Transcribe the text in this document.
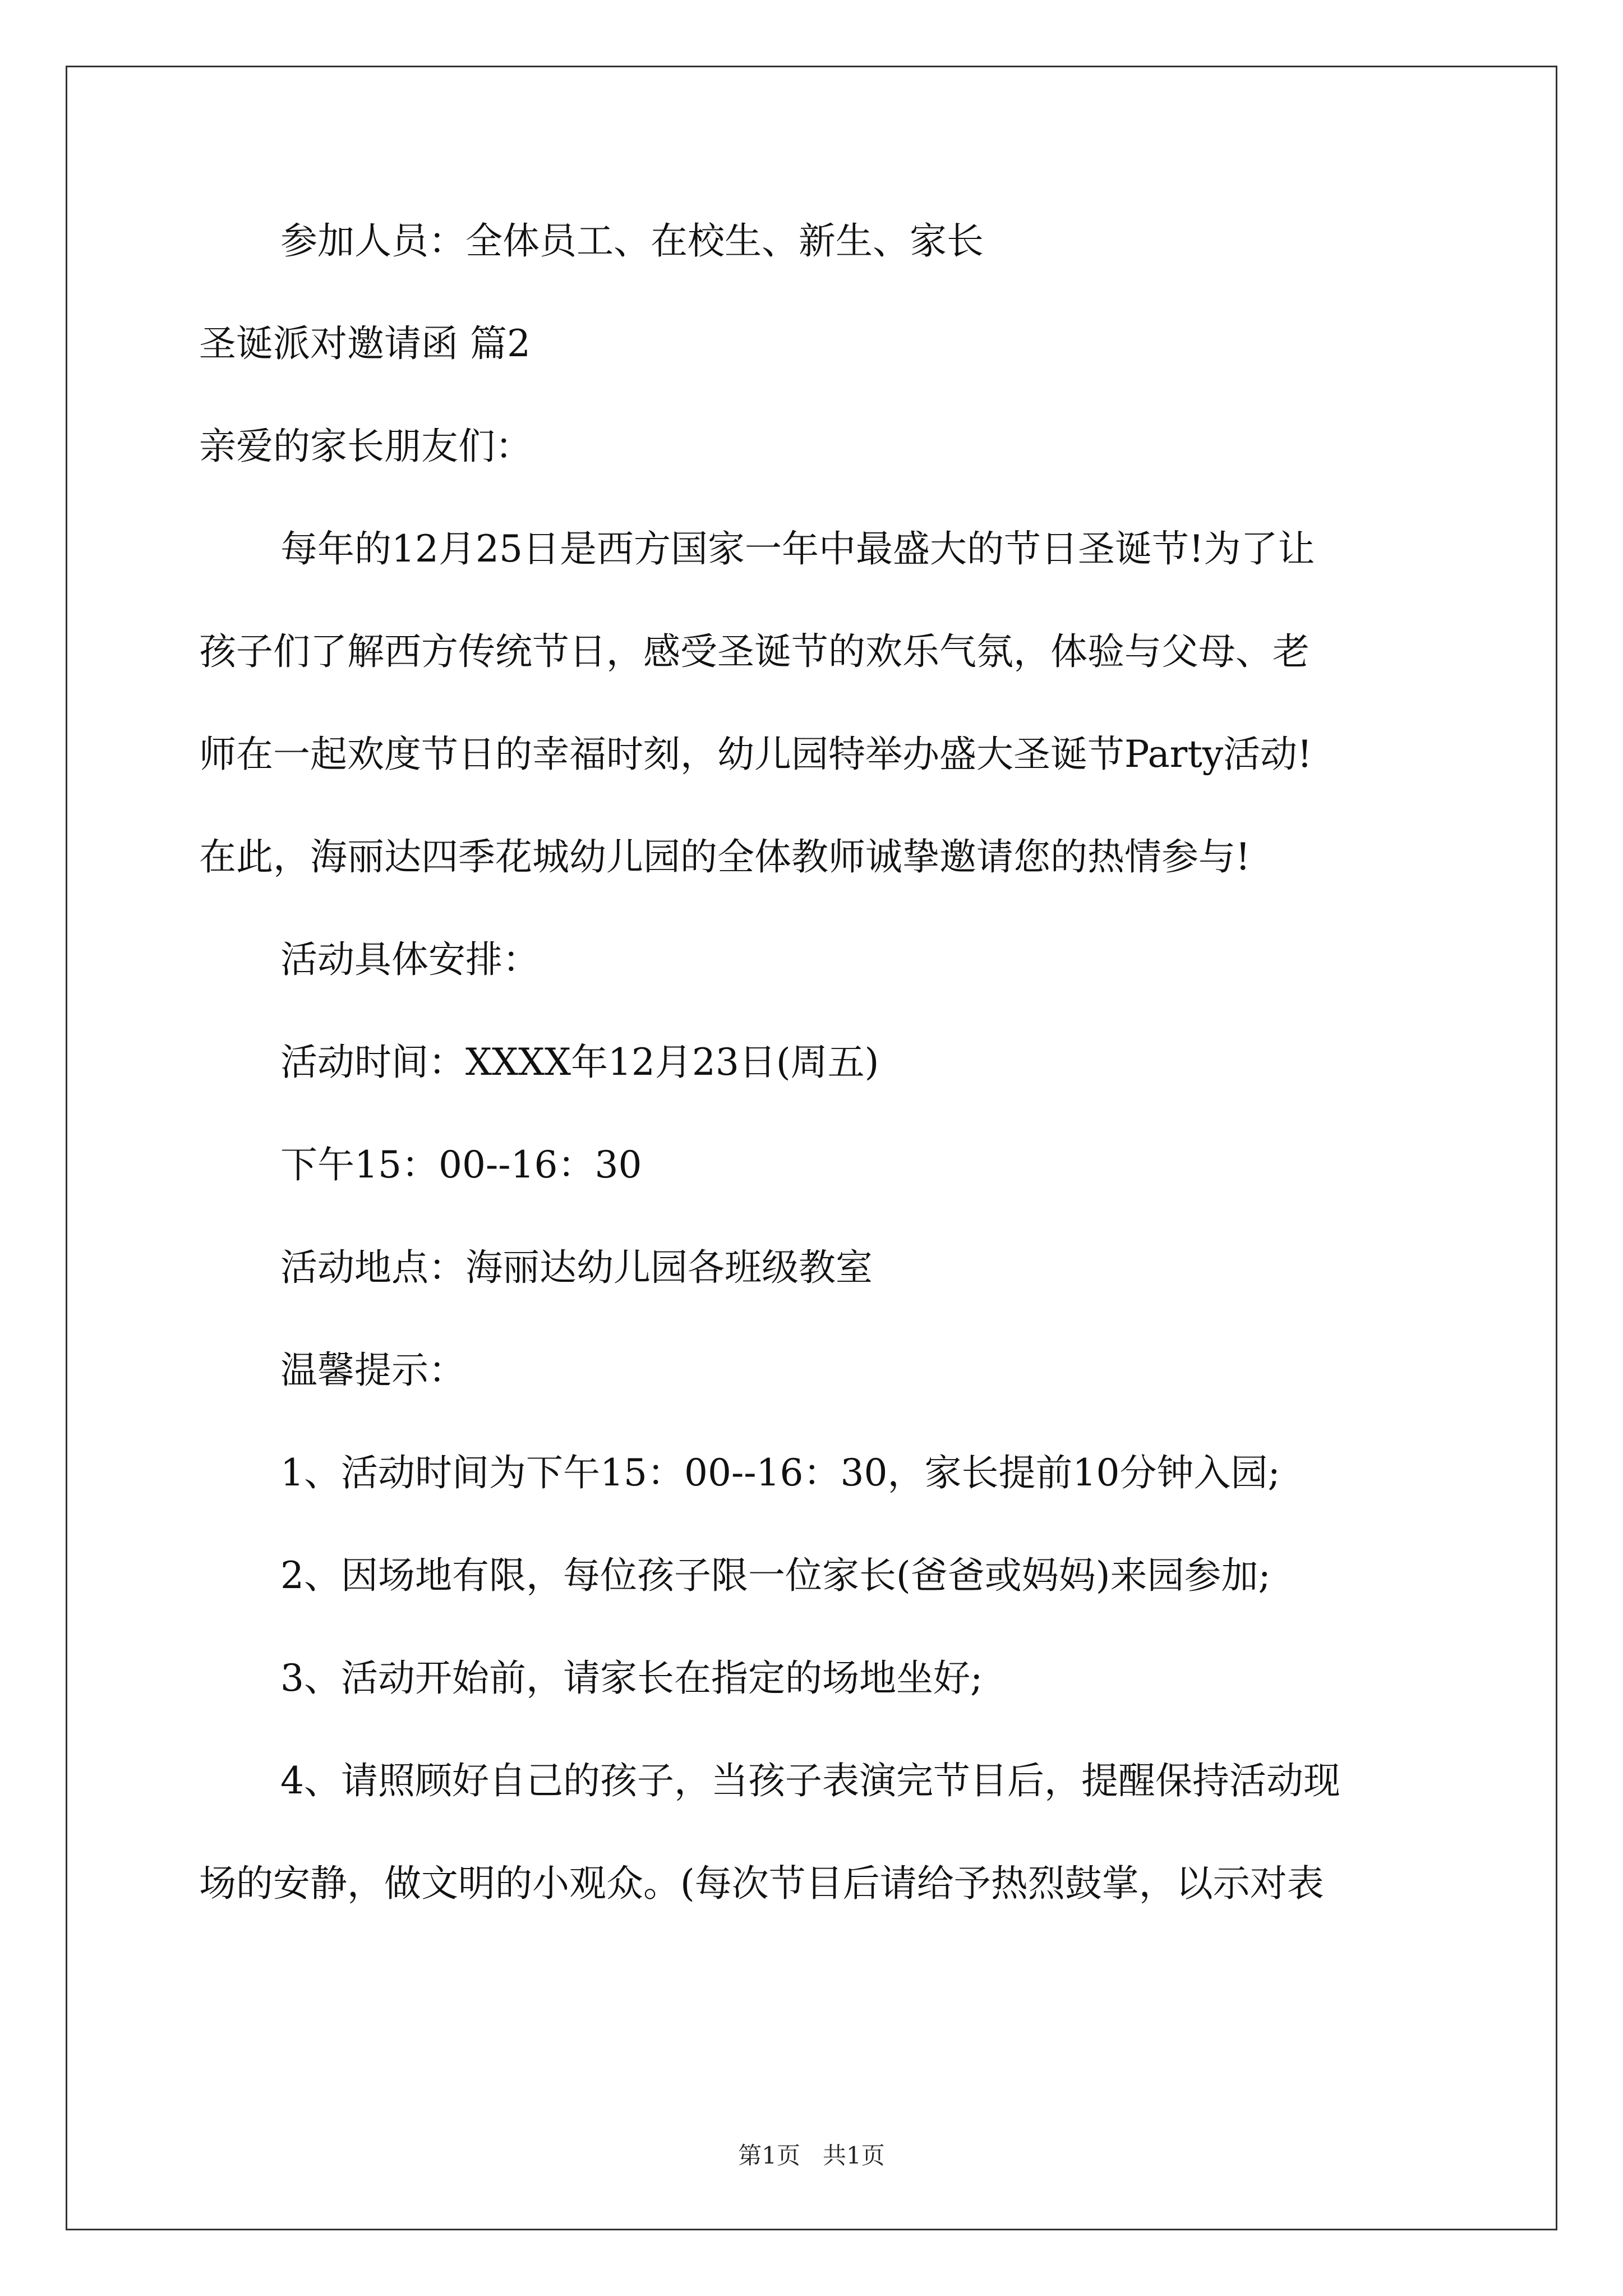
参加人员：全体员工、在校生、新生、家长
圣诞派对邀请函 篇2
亲爱的家长朋友们：
每年的12月25日是西方国家一年中最盛大的节日圣诞节!为了让
孩子们了解西方传统节日，感受圣诞节的欢乐气氛，体验与父母、老
师在一起欢度节日的幸福时刻，幼儿园特举办盛大圣诞节Party活动!
在此，海丽达四季花城幼儿园的全体教师诚挚邀请您的热情参与!
活动具体安排：
活动时间：XXXX年12月23日(周五)
下午15：00--16：30
活动地点：海丽达幼儿园各班级教室
温馨提示：
1、活动时间为下午15：00--16：30，家长提前10分钟入园;
2、因场地有限，每位孩子限一位家长(爸爸或妈妈)来园参加;
3、活动开始前，请家长在指定的场地坐好;
4、请照顾好自己的孩子，当孩子表演完节目后，提醒保持活动现
场的安静，做文明的小观众。(每次节目后请给予热烈鼓掌，以示对表
第1页 共1页
